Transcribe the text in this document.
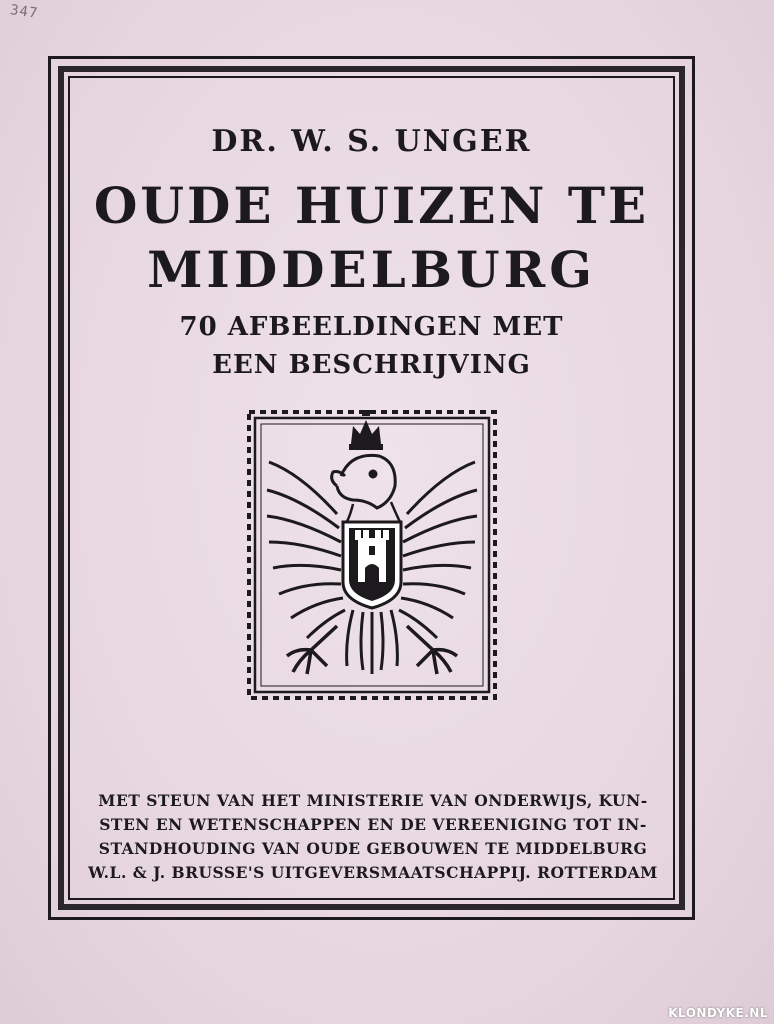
347
DR. W. S. UNGER
OUDE HUIZEN TE
MIDDELBURG
70 AFBEELDINGEN MET
EEN BESCHRIJVING
MET STEUN VAN HET MINISTERIE VAN ONDERWIJS, KUN-
STEN EN WETENSCHAPPEN EN DE VEREENIGING TOT IN-
STANDHOUDING VAN OUDE GEBOUWEN TE MIDDELBURG
W.L. & J. BRUSSE'S UITGEVERSMAATSCHAPPIJ. ROTTERDAM
KLONDYKE.NL
